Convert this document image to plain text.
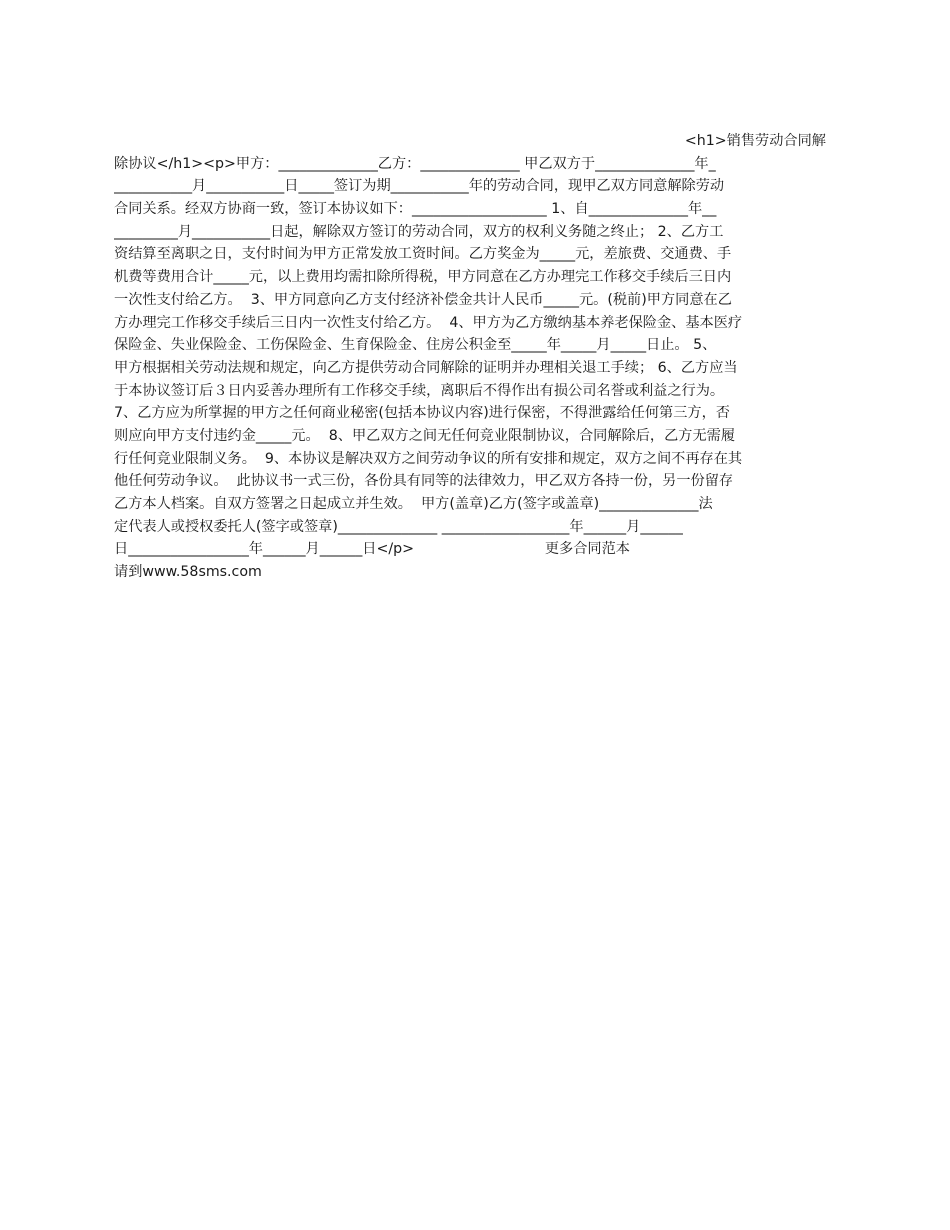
<h1>销售劳动合同解
除协议</h1><p>甲方：______________乙方：______________ 甲乙双方于______________年_
___________月___________日_____签订为期___________年的劳动合同，现甲乙双方同意解除劳动
合同关系。经双方协商一致，签订本协议如下：___________________ 1、自______________年__
_________月___________日起，解除双方签订的劳动合同，双方的权利义务随之终止； 2、乙方工
资结算至离职之日，支付时间为甲方正常发放工资时间。乙方奖金为_____元，差旅费、交通费、手
机费等费用合计_____元，以上费用均需扣除所得税，甲方同意在乙方办理完工作移交手续后三日内
一次性支付给乙方。  3、甲方同意向乙方支付经济补偿金共计人民币_____元。(税前)甲方同意在乙
方办理完工作移交手续后三日内一次性支付给乙方。  4、甲方为乙方缴纳基本养老保险金、基本医疗
保险金、失业保险金、工伤保险金、生育保险金、住房公积金至_____年_____月_____日止。 5、
甲方根据相关劳动法规和规定，向乙方提供劳动合同解除的证明并办理相关退工手续； 6、乙方应当
于本协议签订后３日内妥善办理所有工作移交手续，离职后不得作出有损公司名誉或利益之行为。
7、乙方应为所掌握的甲方之任何商业秘密(包括本协议内容)进行保密，不得泄露给任何第三方，否
则应向甲方支付违约金_____元。  8、甲乙双方之间无任何竞业限制协议，合同解除后，乙方无需履
行任何竞业限制义务。  9、本协议是解决双方之间劳动争议的所有安排和规定，双方之间不再存在其
他任何劳动争议。  此协议书一式三份，各份具有同等的法律效力，甲乙双方各持一份，另一份留存
乙方本人档案。自双方签署之日起成立并生效。  甲方(盖章)乙方(签字或盖章)______________法
定代表人或授权委托人(签字或签章)______________ __________________年______月______
日_________________年______月______日</p>                             更多合同范本
请到www.58sms.com
